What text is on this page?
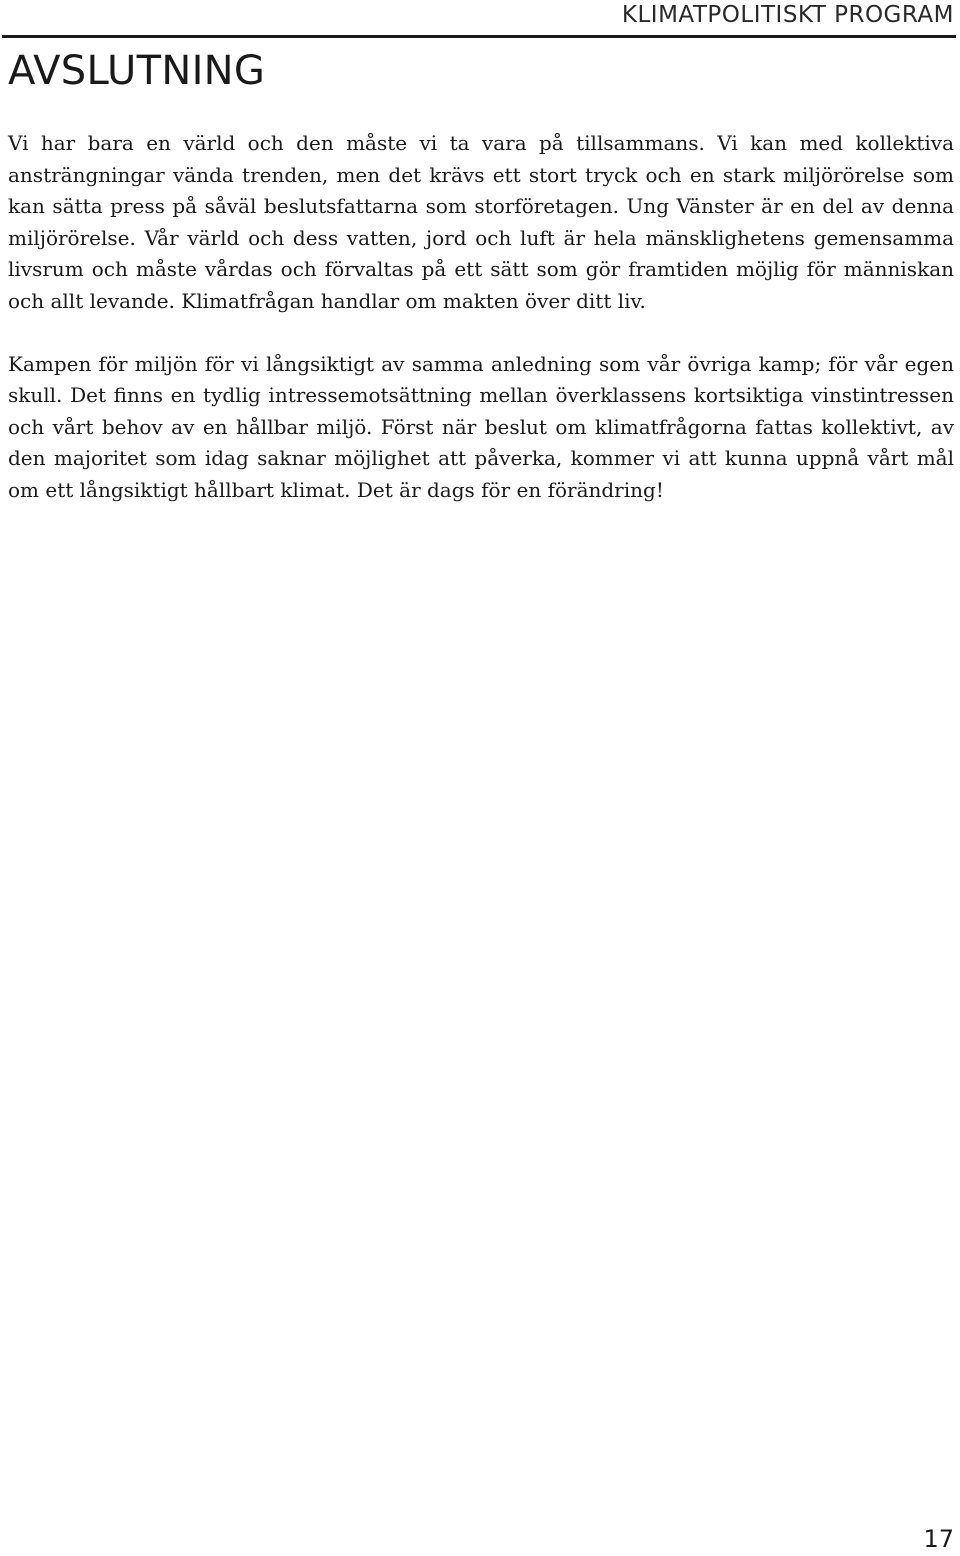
KLIMATPOLITISKT PROGRAM
AVSLUTNING

Vi har bara en värld och den måste vi ta vara på tillsammans. Vi kan med kollektiva ansträngningar vända trenden, men det krävs ett stort tryck och en stark miljörörelse som kan sätta press på såväl beslutsfattarna som storföretagen. Ung Vänster är en del av denna miljörörelse. Vår värld och dess vatten, jord och luft är hela mänsklighetens gemensamma livsrum och måste vårdas och förvaltas på ett sätt som gör framtiden möjlig för människan och allt levande. Klimatfrågan handlar om makten över ditt liv.

Kampen för miljön för vi långsiktigt av samma anledning som vår övriga kamp; för vår egen skull. Det finns en tydlig intressemotsättning mellan överklassens kortsiktiga vinstintressen och vårt behov av en hållbar miljö. Först när beslut om klimatfrågorna fattas kollektivt, av den majoritet som idag saknar möjlighet att påverka, kommer vi att kunna uppnå vårt mål om ett långsiktigt hållbart klimat. Det är dags för en förändring!

17
